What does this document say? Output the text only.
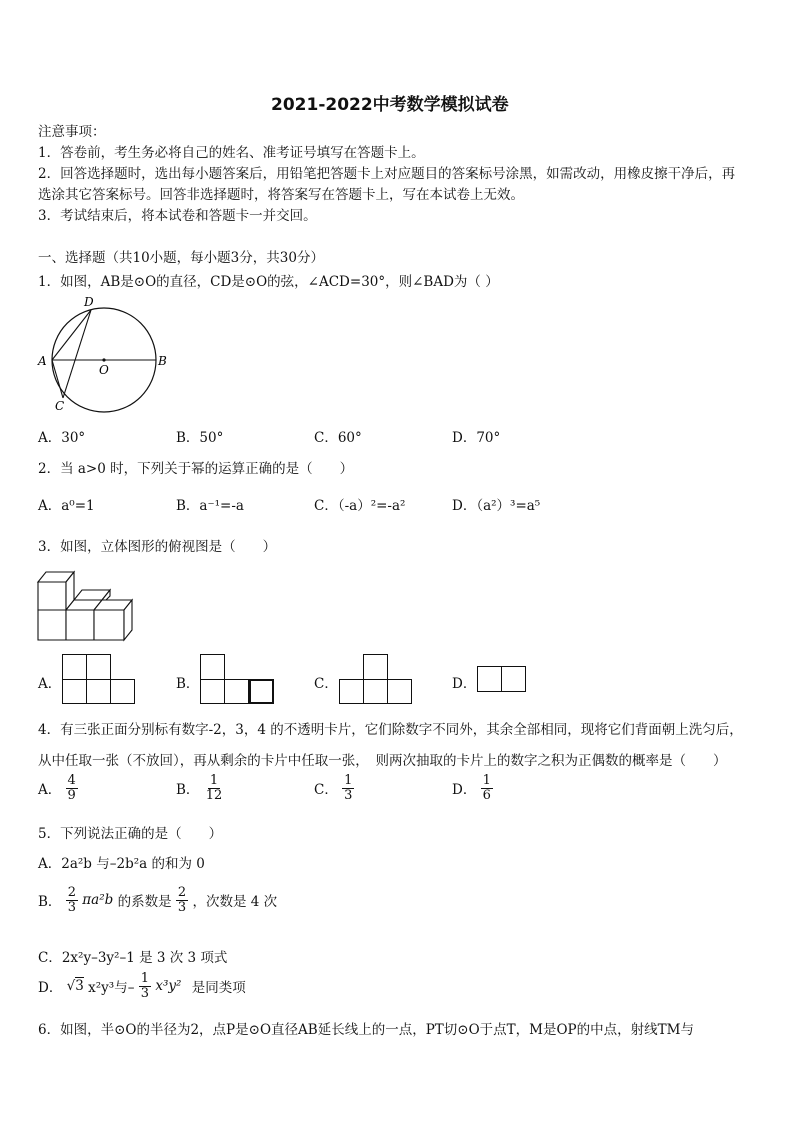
2021-2022中考数学模拟试卷
注意事项：
1．答卷前，考生务必将自己的姓名、准考证号填写在答题卡上。
2．回答选择题时，选出每小题答案后，用铅笔把答题卡上对应题目的答案标号涂黑，如需改动，用橡皮擦干净后，再
选涂其它答案标号。回答非选择题时，将答案写在答题卡上，写在本试卷上无效。
3．考试结束后，将本试卷和答题卡一并交回。
一、选择题（共10小题，每小题3分，共30分）
1．如图，AB是⊙O的直径，CD是⊙O的弦，∠ACD=30°，则∠BAD为（ ）
A	B
C
D
O
A．30°	B．50°	C．60°	D．70°
2．当 a>0 时，下列关于幂的运算正确的是（　　）
A．a⁰=1	B．a⁻¹=-a	C．（-a）²=-a²	D．（a²）³=a⁵
3．如图，立体图形的俯视图是（　　）
A．	B．	C．	D．
4．有三张正面分别标有数字-2，3，4 的不透明卡片，它们除数字不同外，其余全部相同，现将它们背面朝上洗匀后，
从中任取一张（不放回），再从剩余的卡片中任取一张，　则两次抽取的卡片上的数字之积为正偶数的概率是（　　）
A． $\frac{4}{9}$	B． $\frac{1}{12}$	C． $\frac{1}{3}$	D． $\frac{1}{6}$
5．下列说法正确的是（　　）
A．2a²b 与–2b²a 的和为 0
B． $\frac{2}{3} \pi a^2b$ 的系数是 $\frac{2}{3}$ ，次数是 4 次
C．2x²y–3y²–1 是 3 次 3 项式
D． √3 x²y³与– $\frac{1}{3} x^3y^2$ 是同类项
6．如图，半⊙O的半径为2，点P是⊙O直径AB延长线上的一点，PT切⊙O于点T，M是OP的中点，射线TM与
